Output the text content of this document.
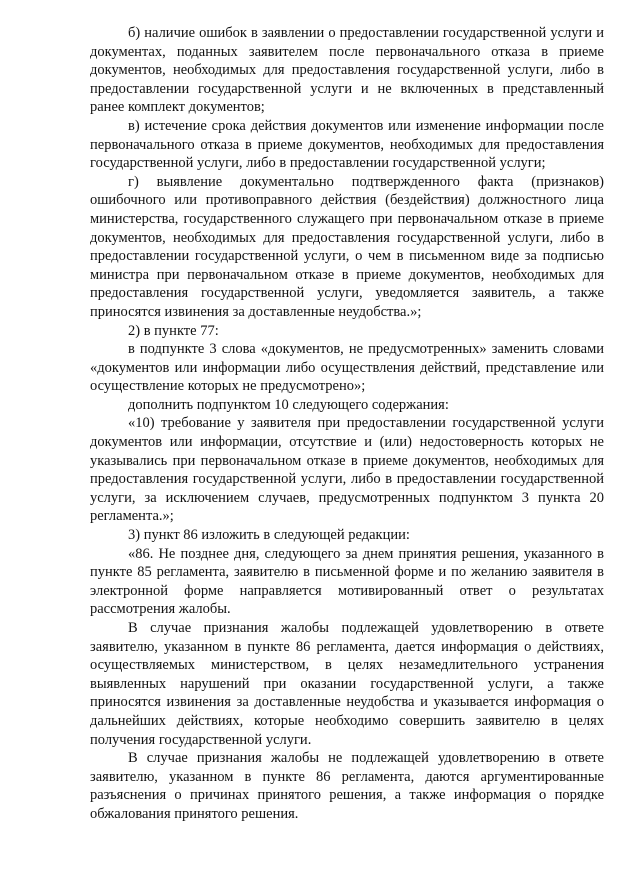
б) наличие ошибок в заявлении о предоставлении государственной услуги и документах, поданных заявителем после первоначального отказа в приеме документов, необходимых для предоставления государственной услуги, либо в предоставлении государственной услуги и не включенных в представленный ранее комплект документов;

в) истечение срока действия документов или изменение информации после первоначального отказа в приеме документов, необходимых для предоставления государственной услуги, либо в предоставлении государственной услуги;

г) выявление документально подтвержденного факта (признаков) ошибочного или противоправного действия (бездействия) должностного лица министерства, государственного служащего при первоначальном отказе в приеме документов, необходимых для предоставления государственной услуги, либо в предоставлении государственной услуги, о чем в письменном виде за подписью министра при первоначальном отказе в приеме документов, необходимых для предоставления государственной услуги, уведомляется заявитель, а также приносятся извинения за доставленные неудобства.»;

2) в пункте 77:

в подпункте 3 слова «документов, не предусмотренных» заменить словами «документов или информации либо осуществления действий, представление или осуществление которых не предусмотрено»;

дополнить подпунктом 10 следующего содержания:

«10) требование у заявителя при предоставлении государственной услуги документов или информации, отсутствие и (или) недостоверность которых не указывались при первоначальном отказе в приеме документов, необходимых для предоставления государственной услуги, либо в предоставлении государственной услуги, за исключением случаев, предусмотренных подпунктом 3 пункта 20 регламента.»;

3) пункт 86 изложить в следующей редакции:

«86. Не позднее дня, следующего за днем принятия решения, указанного в пункте 85 регламента, заявителю в письменной форме и по желанию заявителя в электронной форме направляется мотивированный ответ о результатах рассмотрения жалобы.

В случае признания жалобы подлежащей удовлетворению в ответе заявителю, указанном в пункте 86 регламента, дается информация о действиях, осуществляемых министерством, в целях незамедлительного устранения выявленных нарушений при оказании государственной услуги, а также приносятся извинения за доставленные неудобства и указывается информация о дальнейших действиях, которые необходимо совершить заявителю в целях получения государственной услуги.

В случае признания жалобы не подлежащей удовлетворению в ответе заявителю, указанном в пункте 86 регламента, даются аргументированные разъяснения о причинах принятого решения, а также информация о порядке обжалования принятого решения.
